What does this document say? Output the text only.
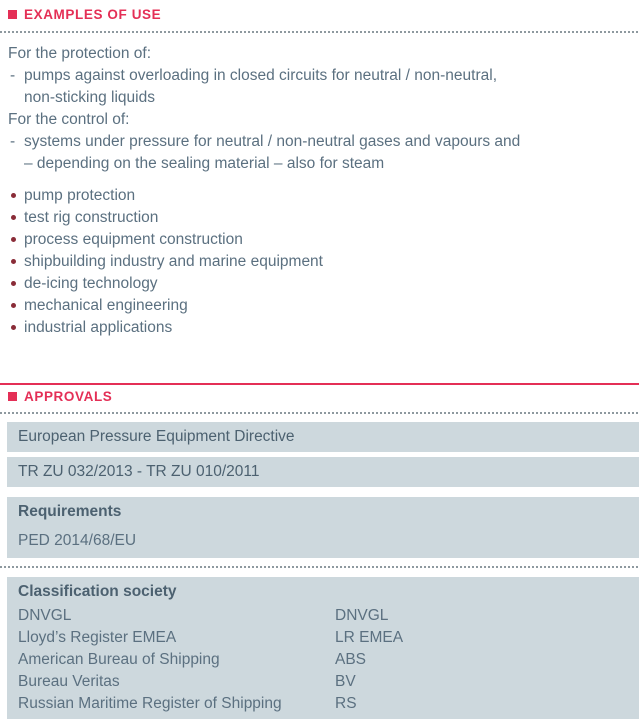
EXAMPLES OF USE
For the protection of:
- pumps against overloading in closed circuits for neutral / non-neutral,
non-sticking liquids
For the control of:
- systems under pressure for neutral / non-neutral gases and vapours and
– depending on the sealing material – also for steam
pump protection
test rig construction
process equipment construction
shipbuilding industry and marine equipment
de-icing technology
mechanical engineering
industrial applications
APPROVALS
European Pressure Equipment Directive
TR ZU 032/2013 - TR ZU 010/2011
Requirements
PED 2014/68/EU
Classification society
DNVGL	DNVGL
Lloyd’s Register EMEA	LR EMEA
American Bureau of Shipping	ABS
Bureau Veritas	BV
Russian Maritime Register of Shipping	RS
